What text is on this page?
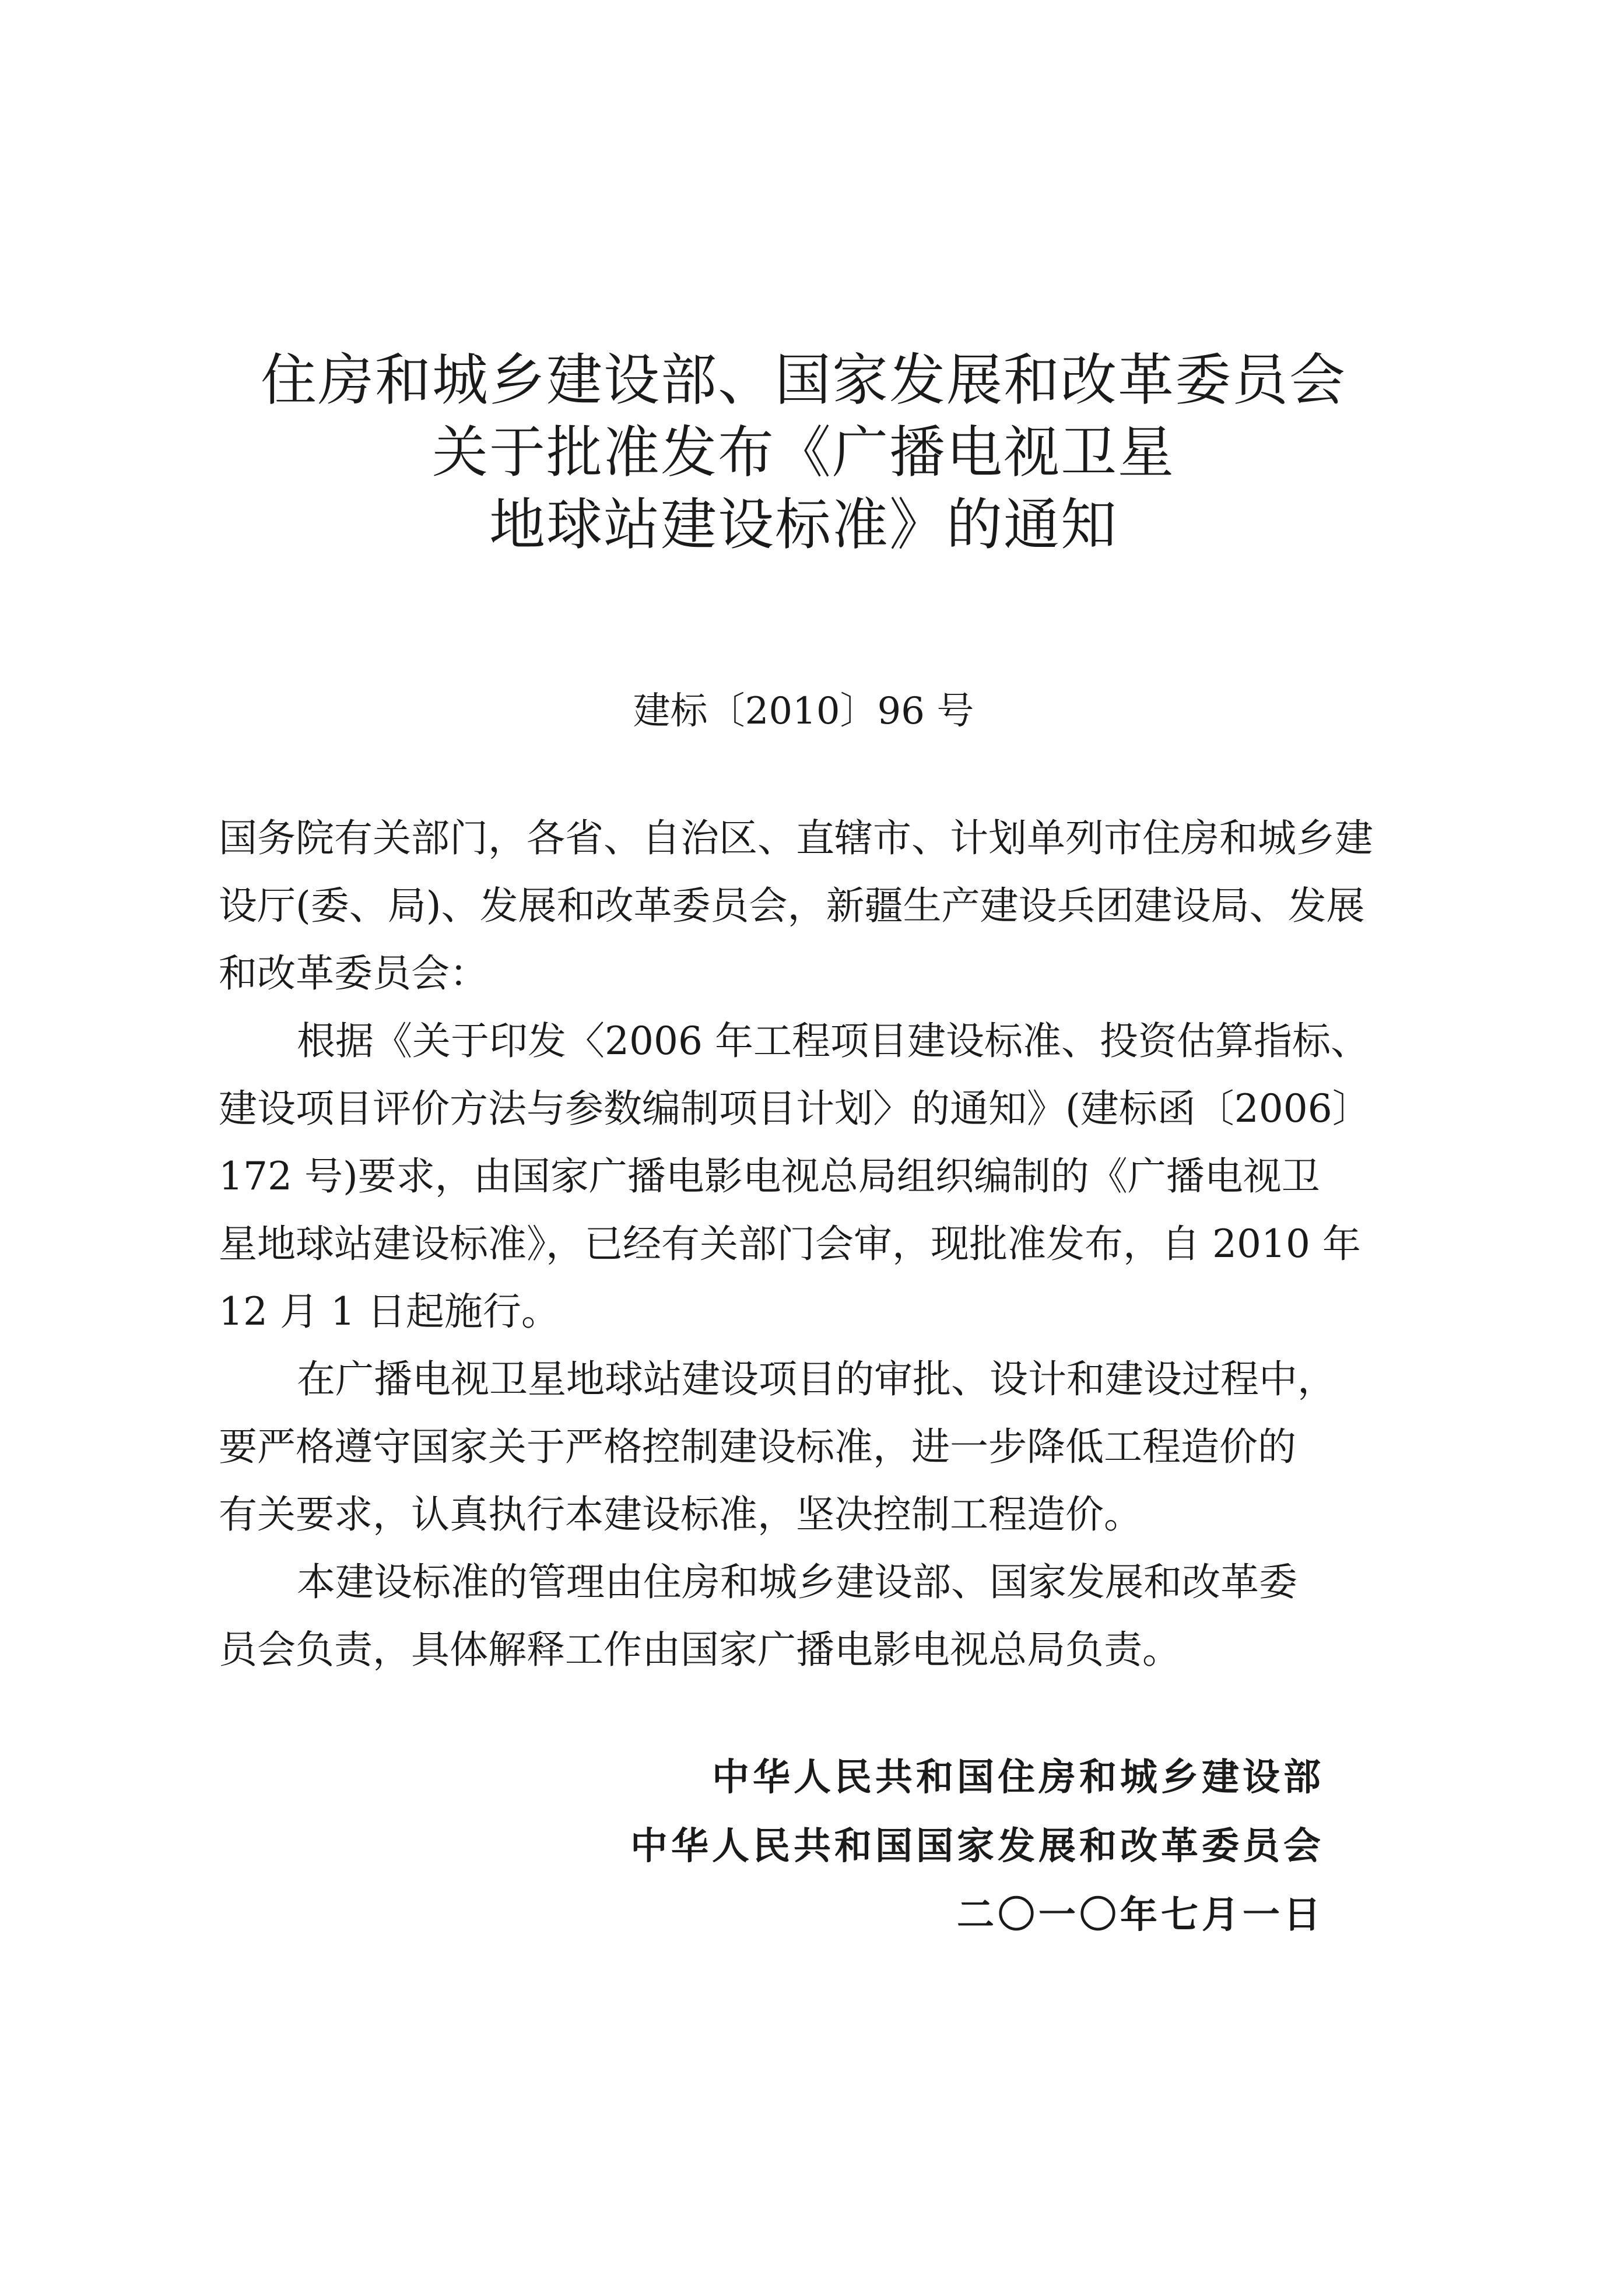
住房和城乡建设部、国家发展和改革委员会
关于批准发布《广播电视卫星
地球站建设标准》的通知
建标〔2010〕96 号
国务院有关部门，各省、自治区、直辖市、计划单列市住房和城乡建
设厅(委、局)、发展和改革委员会，新疆生产建设兵团建设局、发展
和改革委员会：
根据《关于印发〈2006 年工程项目建设标准、投资估算指标、
建设项目评价方法与参数编制项目计划〉的通知》(建标函〔2006〕
172 号)要求，由国家广播电影电视总局组织编制的《广播电视卫
星地球站建设标准》，已经有关部门会审，现批准发布，自 2010 年
12 月 1 日起施行。
在广播电视卫星地球站建设项目的审批、设计和建设过程中，
要严格遵守国家关于严格控制建设标准，进一步降低工程造价的
有关要求，认真执行本建设标准，坚决控制工程造价。
本建设标准的管理由住房和城乡建设部、国家发展和改革委
员会负责，具体解释工作由国家广播电影电视总局负责。
中华人民共和国住房和城乡建设部
中华人民共和国国家发展和改革委员会
二〇一〇年七月一日
